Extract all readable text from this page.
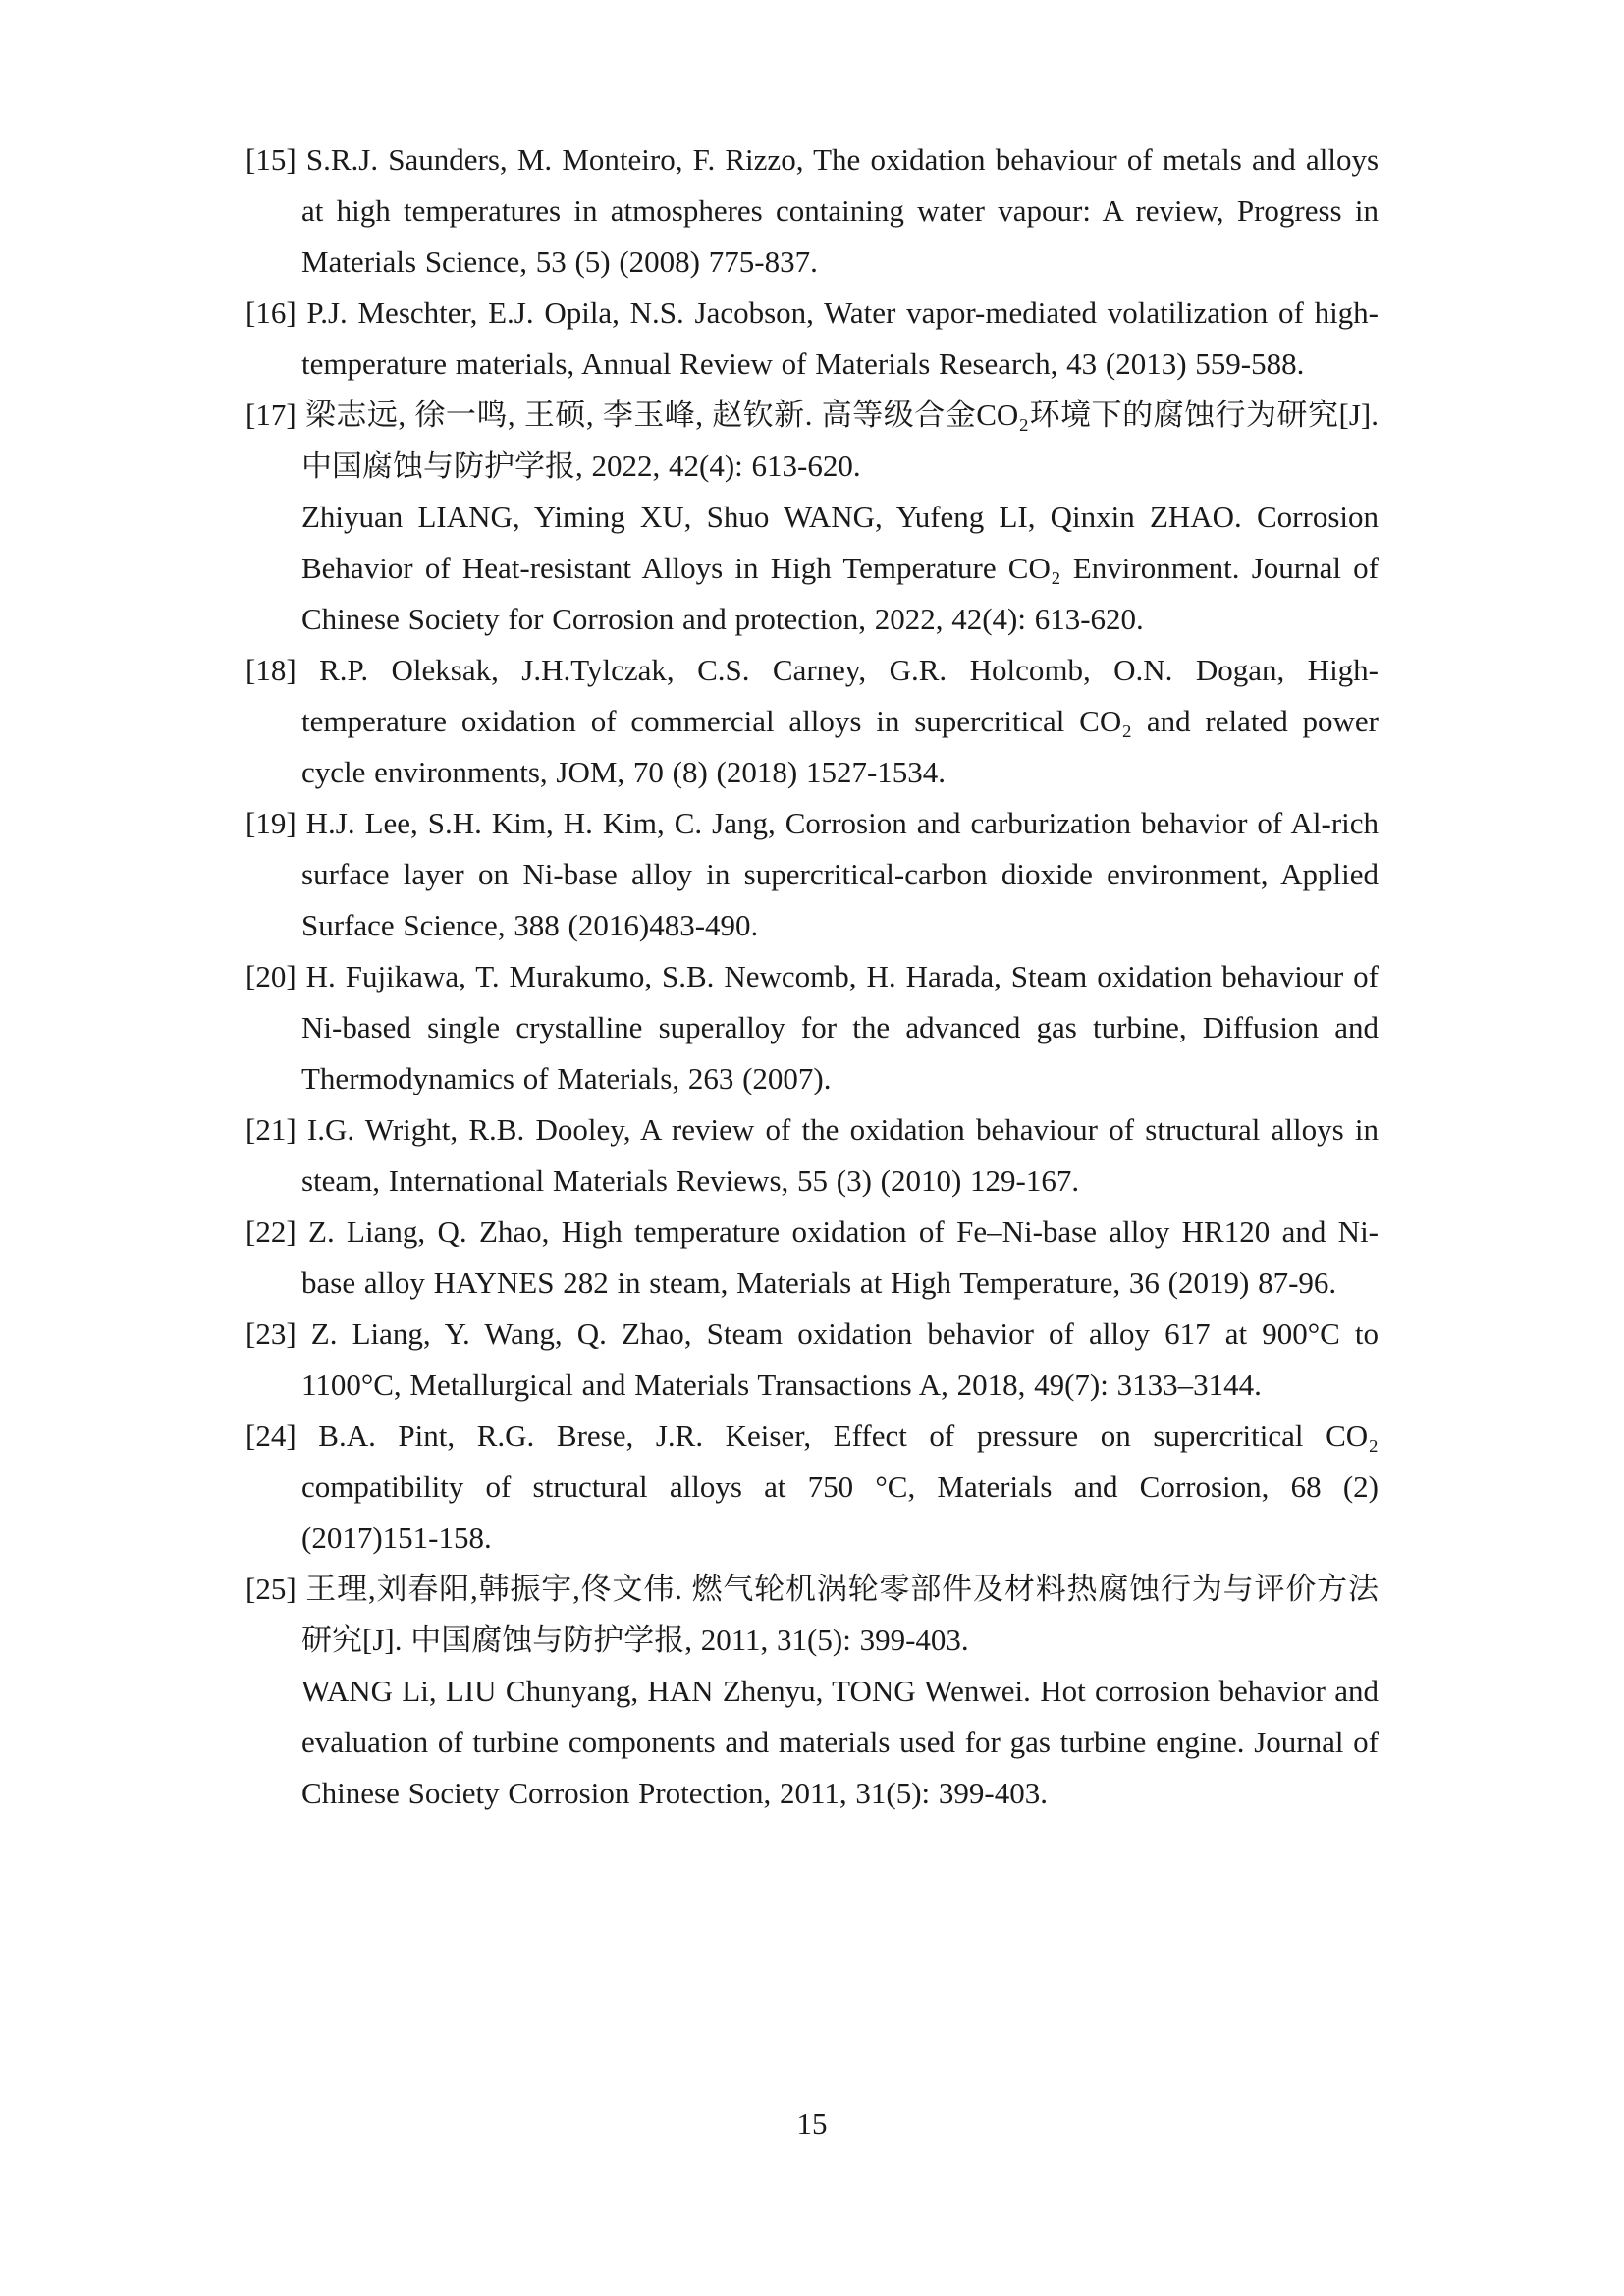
[15] S.R.J. Saunders, M. Monteiro, F. Rizzo, The oxidation behaviour of metals and alloys at high temperatures in atmospheres containing water vapour: A review, Progress in Materials Science, 53 (5) (2008) 775-837.

[16] P.J. Meschter, E.J. Opila, N.S. Jacobson, Water vapor-mediated volatilization of high-temperature materials, Annual Review of Materials Research, 43 (2013) 559-588.

[17] 梁志远, 徐一鸣, 王硕, 李玉峰, 赵钦新. 高等级合金CO₂环境下的腐蚀行为研究[J]. 中国腐蚀与防护学报, 2022, 42(4): 613-620.

Zhiyuan LIANG, Yiming XU, Shuo WANG, Yufeng LI, Qinxin ZHAO. Corrosion Behavior of Heat-resistant Alloys in High Temperature CO₂ Environment. Journal of Chinese Society for Corrosion and protection, 2022, 42(4): 613-620.

[18] R.P. Oleksak, J.H.Tylczak, C.S. Carney, G.R. Holcomb, O.N. Dogan, High-temperature oxidation of commercial alloys in supercritical CO₂ and related power cycle environments, JOM, 70 (8) (2018) 1527-1534.

[19] H.J. Lee, S.H. Kim, H. Kim, C. Jang, Corrosion and carburization behavior of Al-rich surface layer on Ni-base alloy in supercritical-carbon dioxide environment, Applied Surface Science, 388 (2016)483-490.

[20] H. Fujikawa, T. Murakumo, S.B. Newcomb, H. Harada, Steam oxidation behaviour of Ni-based single crystalline superalloy for the advanced gas turbine, Diffusion and Thermodynamics of Materials, 263 (2007).

[21] I.G. Wright, R.B. Dooley, A review of the oxidation behaviour of structural alloys in steam, International Materials Reviews, 55 (3) (2010) 129-167.

[22] Z. Liang, Q. Zhao, High temperature oxidation of Fe–Ni-base alloy HR120 and Ni-base alloy HAYNES 282 in steam, Materials at High Temperature, 36 (2019) 87-96.

[23] Z. Liang, Y. Wang, Q. Zhao, Steam oxidation behavior of alloy 617 at 900°C to 1100°C, Metallurgical and Materials Transactions A, 2018, 49(7): 3133–3144.

[24] B.A. Pint, R.G. Brese, J.R. Keiser, Effect of pressure on supercritical CO₂ compatibility of structural alloys at 750 °C, Materials and Corrosion, 68 (2) (2017)151-158.

[25] 王理,刘春阳,韩振宇,佟文伟. 燃气轮机涡轮零部件及材料热腐蚀行为与评价方法研究[J]. 中国腐蚀与防护学报, 2011, 31(5): 399-403.

WANG Li, LIU Chunyang, HAN Zhenyu, TONG Wenwei. Hot corrosion behavior and evaluation of turbine components and materials used for gas turbine engine. Journal of Chinese Society Corrosion Protection, 2011, 31(5): 399-403.

15
